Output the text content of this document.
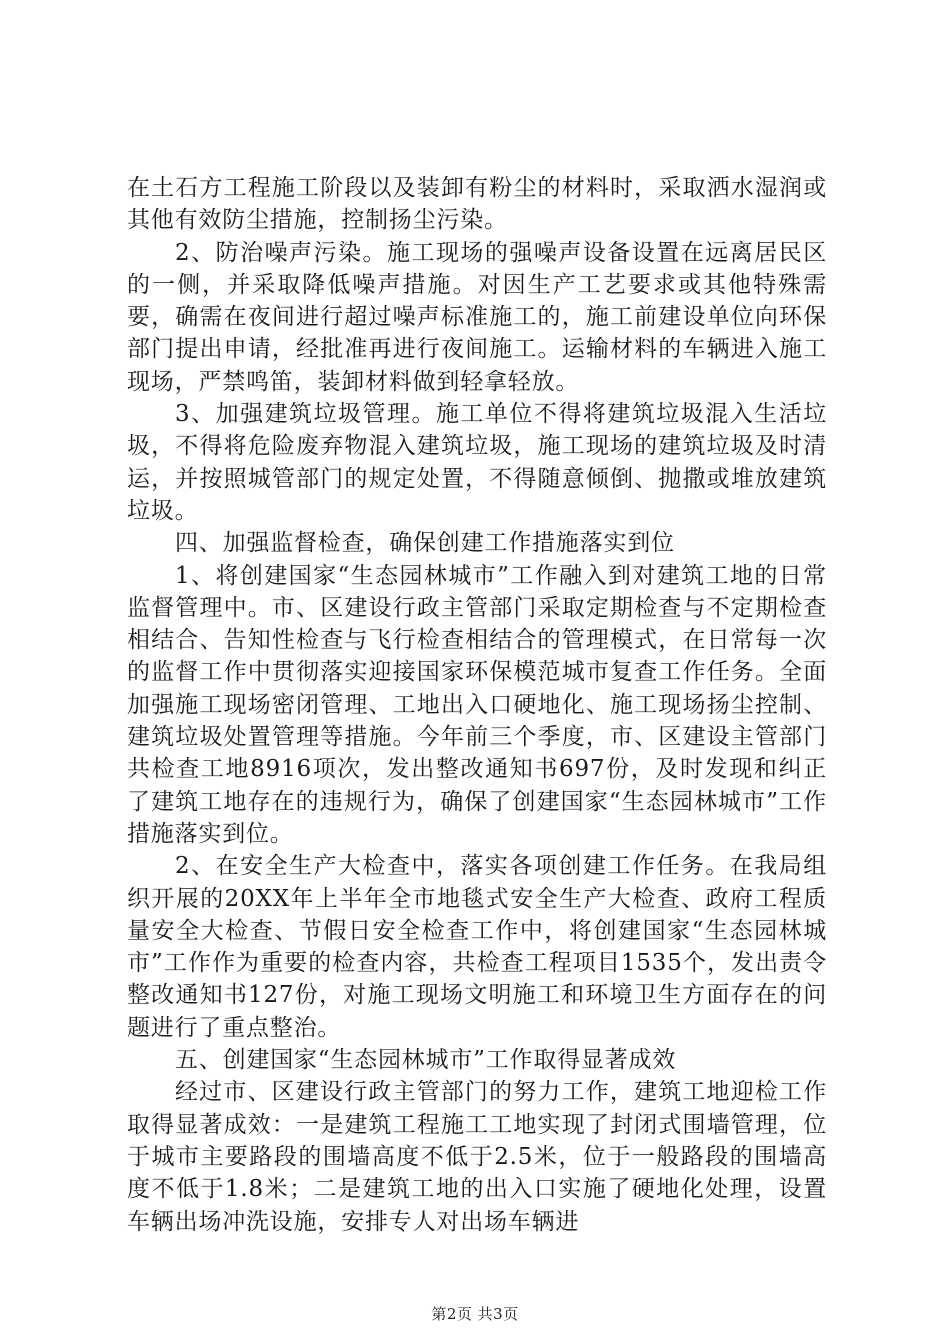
在土石方工程施工阶段以及装卸有粉尘的材料时，采取洒水湿润或其他有效防尘措施，控制扬尘污染。

2、防治噪声污染。施工现场的强噪声设备设置在远离居民区的一侧，并采取降低噪声措施。对因生产工艺要求或其他特殊需要，确需在夜间进行超过噪声标准施工的，施工前建设单位向环保部门提出申请，经批准再进行夜间施工。运输材料的车辆进入施工现场，严禁鸣笛，装卸材料做到轻拿轻放。

3、加强建筑垃圾管理。施工单位不得将建筑垃圾混入生活垃圾，不得将危险废弃物混入建筑垃圾，施工现场的建筑垃圾及时清运，并按照城管部门的规定处置，不得随意倾倒、抛撒或堆放建筑垃圾。

四、加强监督检查，确保创建工作措施落实到位

1、将创建国家“生态园林城市”工作融入到对建筑工地的日常监督管理中。市、区建设行政主管部门采取定期检查与不定期检查相结合、告知性检查与飞行检查相结合的管理模式，在日常每一次的监督工作中贯彻落实迎接国家环保模范城市复查工作任务。全面加强施工现场密闭管理、工地出入口硬地化、施工现场扬尘控制、建筑垃圾处置管理等措施。今年前三个季度，市、区建设主管部门共检查工地8916项次，发出整改通知书697份，及时发现和纠正了建筑工地存在的违规行为，确保了创建国家“生态园林城市”工作措施落实到位。

2、在安全生产大检查中，落实各项创建工作任务。在我局组织开展的20XX年上半年全市地毯式安全生产大检查、政府工程质量安全大检查、节假日安全检查工作中，将创建国家“生态园林城市”工作作为重要的检查内容，共检查工程项目1535个，发出责令整改通知书127份，对施工现场文明施工和环境卫生方面存在的问题进行了重点整治。

五、创建国家“生态园林城市”工作取得显著成效

经过市、区建设行政主管部门的努力工作，建筑工地迎检工作取得显著成效：一是建筑工程施工工地实现了封闭式围墙管理，位于城市主要路段的围墙高度不低于2.5米，位于一般路段的围墙高度不低于1.8米；二是建筑工地的出入口实施了硬地化处理，设置车辆出场冲洗设施，安排专人对出场车辆进

第2页 共3页
